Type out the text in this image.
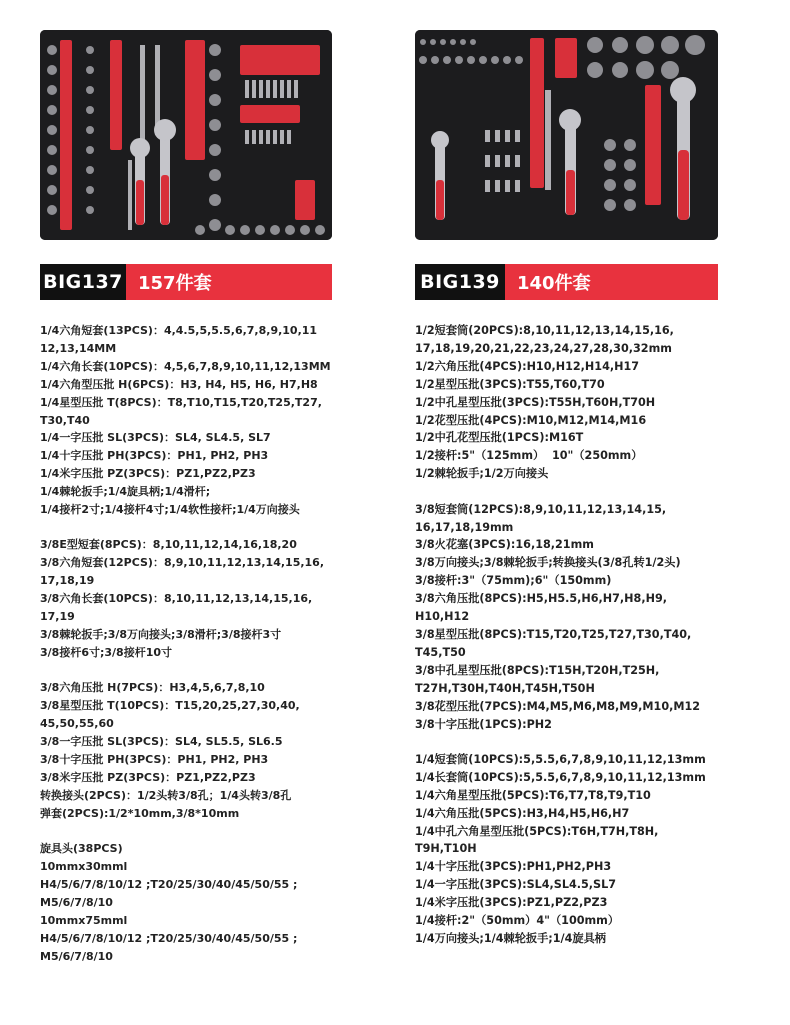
BIG137 157件套
1/4六角短套(13PCS)：4,4.5,5,5.5,6,7,8,9,10,11
12,13,14MM
1/4六角长套(10PCS)：4,5,6,7,8,9,10,11,12,13MM
1/4六角型压批 H(6PCS)：H3, H4, H5, H6, H7,H8
1/4星型压批 T(8PCS)：T8,T10,T15,T20,T25,T27,
T30,T40
1/4一字压批 SL(3PCS)：SL4, SL4.5, SL7
1/4十字压批 PH(3PCS)：PH1, PH2, PH3
1/4米字压批 PZ(3PCS)：PZ1,PZ2,PZ3
1/4棘轮扳手;1/4旋具柄;1/4滑杆;
1/4接杆2寸;1/4接杆4寸;1/4软性接杆;1/4万向接头
3/8E型短套(8PCS)：8,10,11,12,14,16,18,20
3/8六角短套(12PCS)：8,9,10,11,12,13,14,15,16,
17,18,19
3/8六角长套(10PCS)：8,10,11,12,13,14,15,16,
17,19
3/8棘轮扳手;3/8万向接头;3/8滑杆;3/8接杆3寸
3/8接杆6寸;3/8接杆10寸
3/8六角压批 H(7PCS)：H3,4,5,6,7,8,10
3/8星型压批 T(10PCS)：T15,20,25,27,30,40,
45,50,55,60
3/8一字压批 SL(3PCS)：SL4, SL5.5, SL6.5
3/8十字压批 PH(3PCS)：PH1, PH2, PH3
3/8米字压批 PZ(3PCS)：PZ1,PZ2,PZ3
转换接头(2PCS)：1/2头转3/8孔；1/4头转3/8孔
弹套(2PCS):1/2*10mm,3/8*10mm
旋具头(38PCS)
10mmx30mml
H4/5/6/7/8/10/12 ;T20/25/30/40/45/50/55 ;
M5/6/7/8/10
10mmx75mml
H4/5/6/7/8/10/12 ;T20/25/30/40/45/50/55 ;
M5/6/7/8/10
BIG139 140件套
1/2短套筒(20PCS):8,10,11,12,13,14,15,16,
17,18,19,20,21,22,23,24,27,28,30,32mm
1/2六角压批(4PCS):H10,H12,H14,H17
1/2星型压批(3PCS):T55,T60,T70
1/2中孔星型压批(3PCS):T55H,T60H,T70H
1/2花型压批(4PCS):M10,M12,M14,M16
1/2中孔花型压批(1PCS):M16T
1/2接杆:5"（125mm）  10"（250mm）
1/2棘轮扳手;1/2万向接头
3/8短套筒(12PCS):8,9,10,11,12,13,14,15,
16,17,18,19mm
3/8火花塞(3PCS):16,18,21mm
3/8万向接头;3/8棘轮扳手;转换接头(3/8孔转1/2头)
3/8接杆:3"（75mm);6"（150mm)
3/8六角压批(8PCS):H5,H5.5,H6,H7,H8,H9,
H10,H12
3/8星型压批(8PCS):T15,T20,T25,T27,T30,T40,
T45,T50
3/8中孔星型压批(8PCS):T15H,T20H,T25H,
T27H,T30H,T40H,T45H,T50H
3/8花型压批(7PCS):M4,M5,M6,M8,M9,M10,M12
3/8十字压批(1PCS):PH2
1/4短套筒(10PCS):5,5.5,6,7,8,9,10,11,12,13mm
1/4长套筒(10PCS):5,5.5,6,7,8,9,10,11,12,13mm
1/4六角星型压批(5PCS):T6,T7,T8,T9,T10
1/4六角压批(5PCS):H3,H4,H5,H6,H7
1/4中孔六角星型压批(5PCS):T6H,T7H,T8H,
T9H,T10H
1/4十字压批(3PCS):PH1,PH2,PH3
1/4一字压批(3PCS):SL4,SL4.5,SL7
1/4米字压批(3PCS):PZ1,PZ2,PZ3
1/4接杆:2"（50mm）4"（100mm）
1/4万向接头;1/4棘轮扳手;1/4旋具柄
